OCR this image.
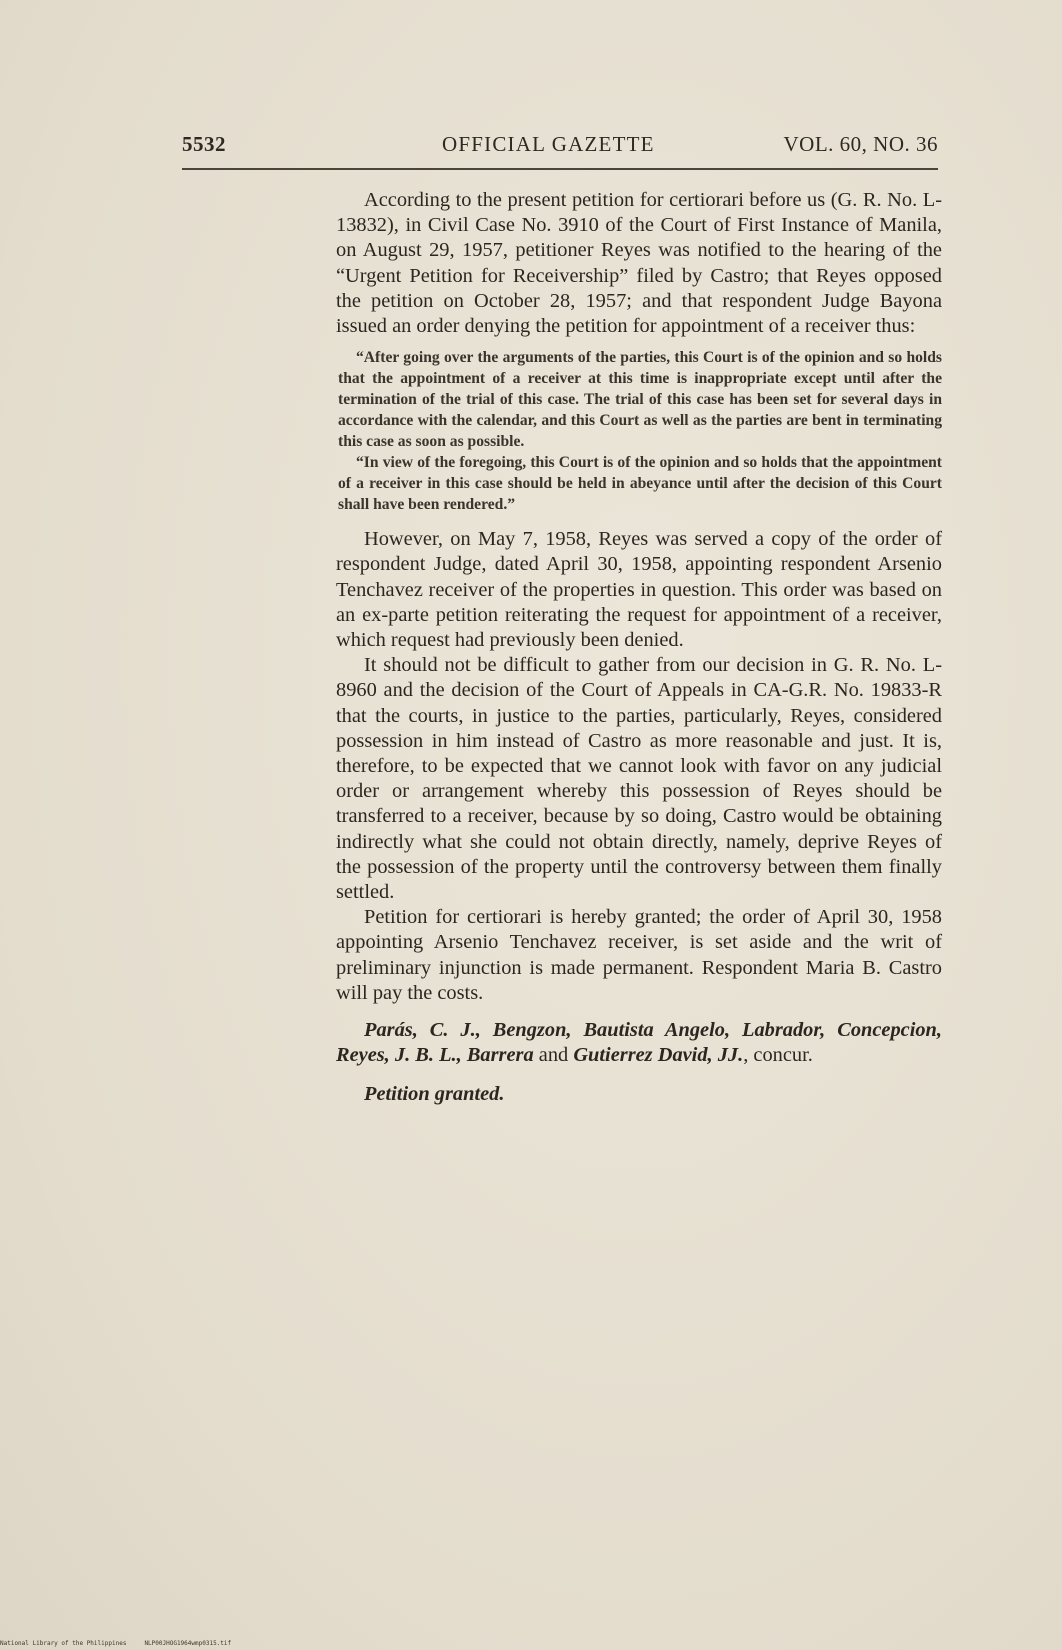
5532	OFFICIAL GAZETTE	VOL. 60, NO. 36

According to the present petition for certiorari before us (G. R. No. L-13832), in Civil Case No. 3910 of the Court of First Instance of Manila, on August 29, 1957, petitioner Reyes was notified to the hearing of the “Urgent Petition for Receivership” filed by Castro; that Reyes opposed the petition on October 28, 1957; and that respondent Judge Bayona issued an order denying the petition for appointment of a receiver thus:

“After going over the arguments of the parties, this Court is of the opinion and so holds that the appointment of a receiver at this time is inappropriate except until after the termination of the trial of this case. The trial of this case has been set for several days in accordance with the calendar, and this Court as well as the parties are bent in terminating this case as soon as possible.

“In view of the foregoing, this Court is of the opinion and so holds that the appointment of a receiver in this case should be held in abeyance until after the decision of this Court shall have been rendered.”

However, on May 7, 1958, Reyes was served a copy of the order of respondent Judge, dated April 30, 1958, appointing respondent Arsenio Tenchavez receiver of the properties in question. This order was based on an ex-parte petition reiterating the request for appointment of a receiver, which request had previously been denied.

It should not be difficult to gather from our decision in G. R. No. L-8960 and the decision of the Court of Appeals in CA-G.R. No. 19833-R that the courts, in justice to the parties, particularly, Reyes, considered possession in him instead of Castro as more reasonable and just. It is, therefore, to be expected that we cannot look with favor on any judicial order or arrangement whereby this possession of Reyes should be transferred to a receiver, because by so doing, Castro would be obtaining indirectly what she could not obtain directly, namely, deprive Reyes of the possession of the property until the controversy between them finally settled.

Petition for certiorari is hereby granted; the order of April 30, 1958 appointing Arsenio Tenchavez receiver, is set aside and the writ of preliminary injunction is made permanent. Respondent Maria B. Castro will pay the costs.

Parás, C. J., Bengzon, Bautista Angelo, Labrador, Concepcion, Reyes, J. B. L., Barrera and Gutierrez David, JJ., concur.

Petition granted.

National Library of the Philippines	NLP00JHOG1964wmp0315.tif
